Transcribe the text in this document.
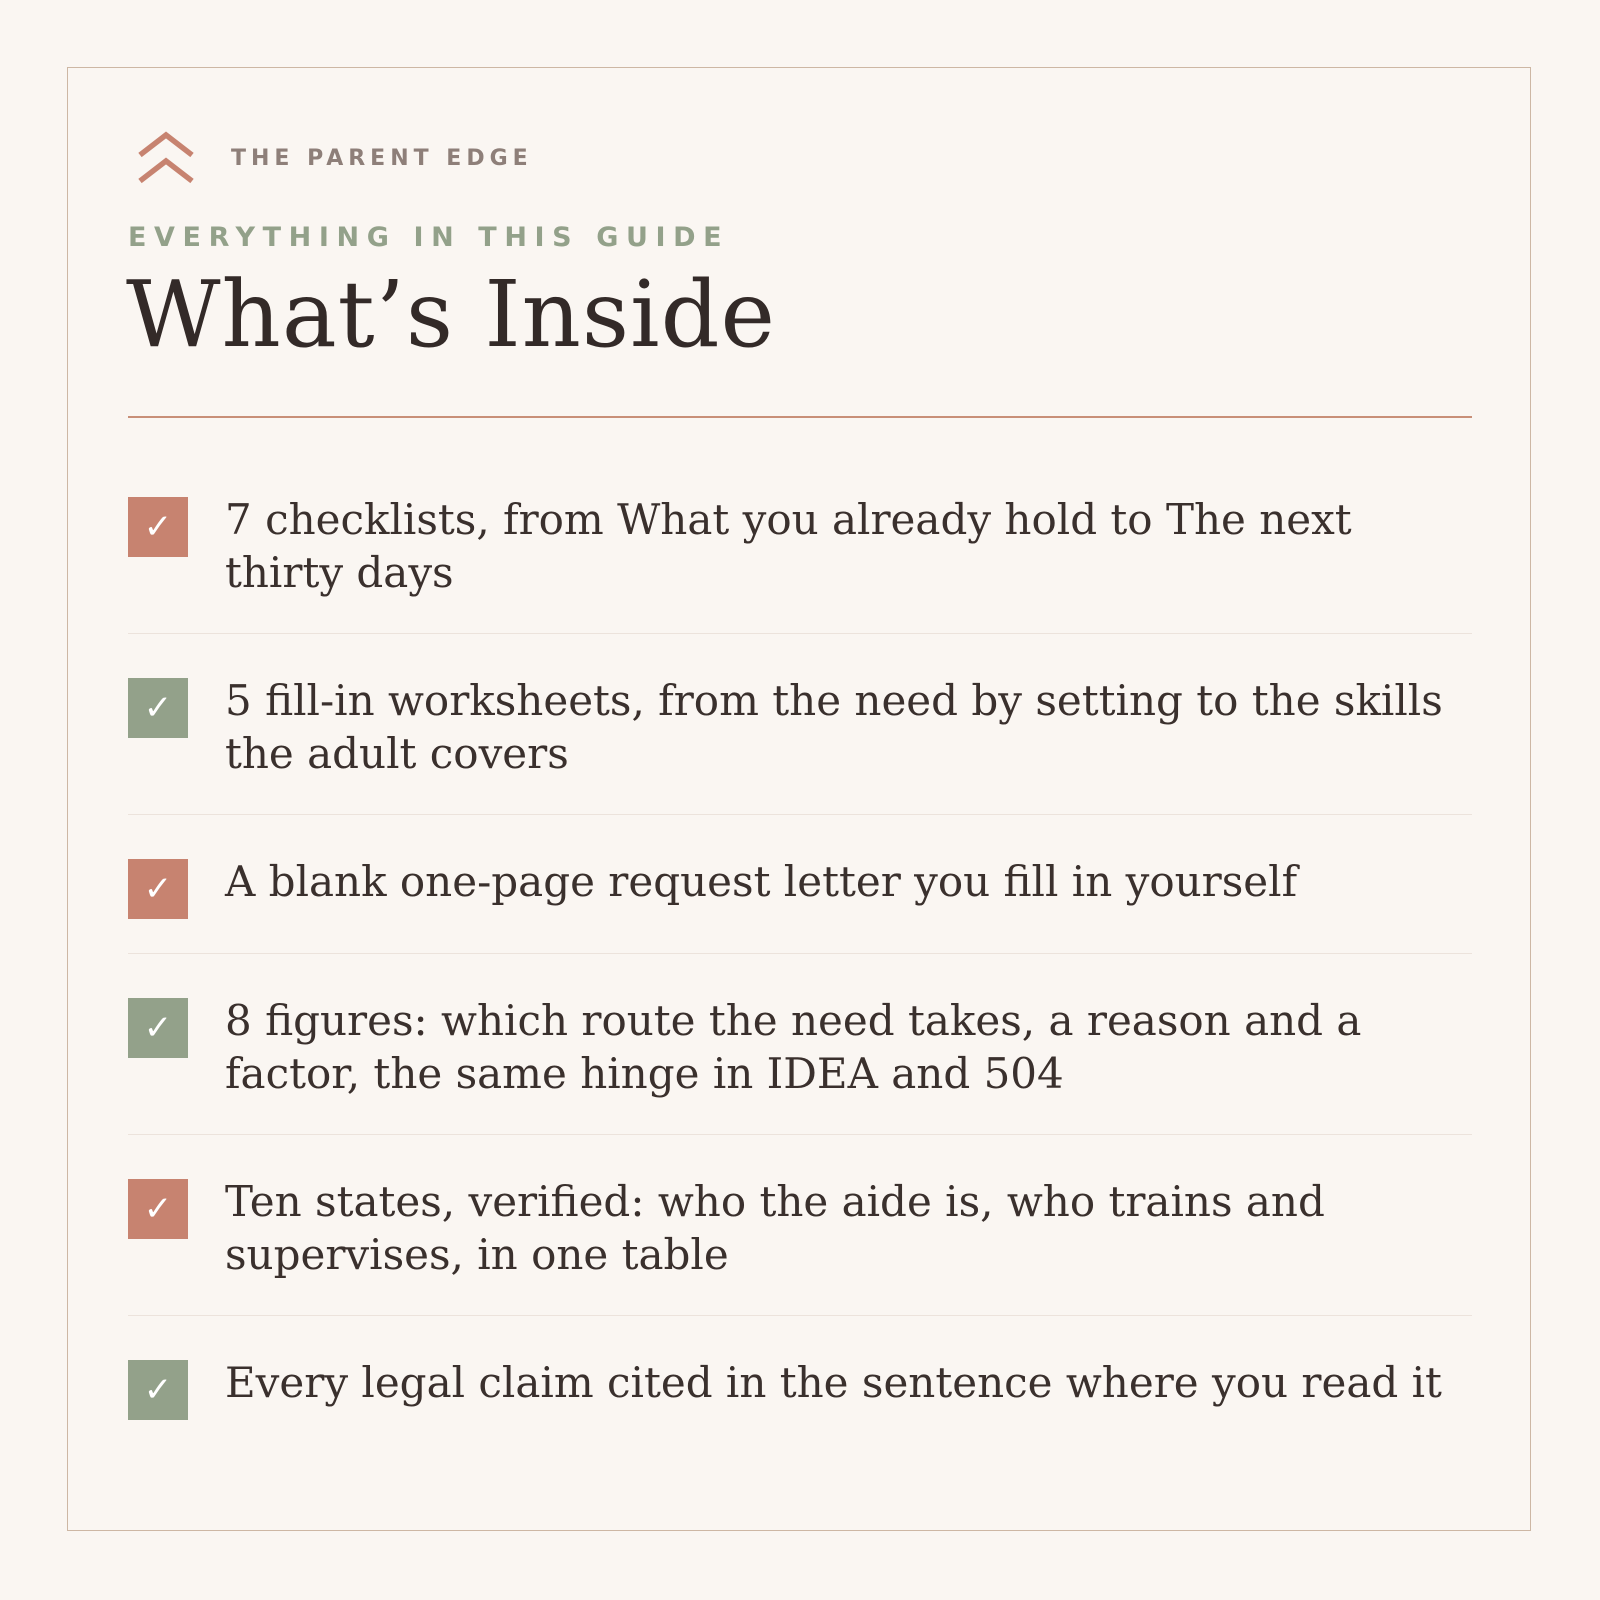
THE PARENT EDGE
EVERYTHING IN THIS GUIDE
What’s Inside
✓	7 checklists, from What you already hold to The next thirty days
✓	5 fill-in worksheets, from the need by setting to the skills the adult covers
✓	A blank one-page request letter you fill in yourself
✓	8 figures: which route the need takes, a reason and a factor, the same hinge in IDEA and 504
✓	Ten states, verified: who the aide is, who trains and supervises, in one table
✓	Every legal claim cited in the sentence where you read it
